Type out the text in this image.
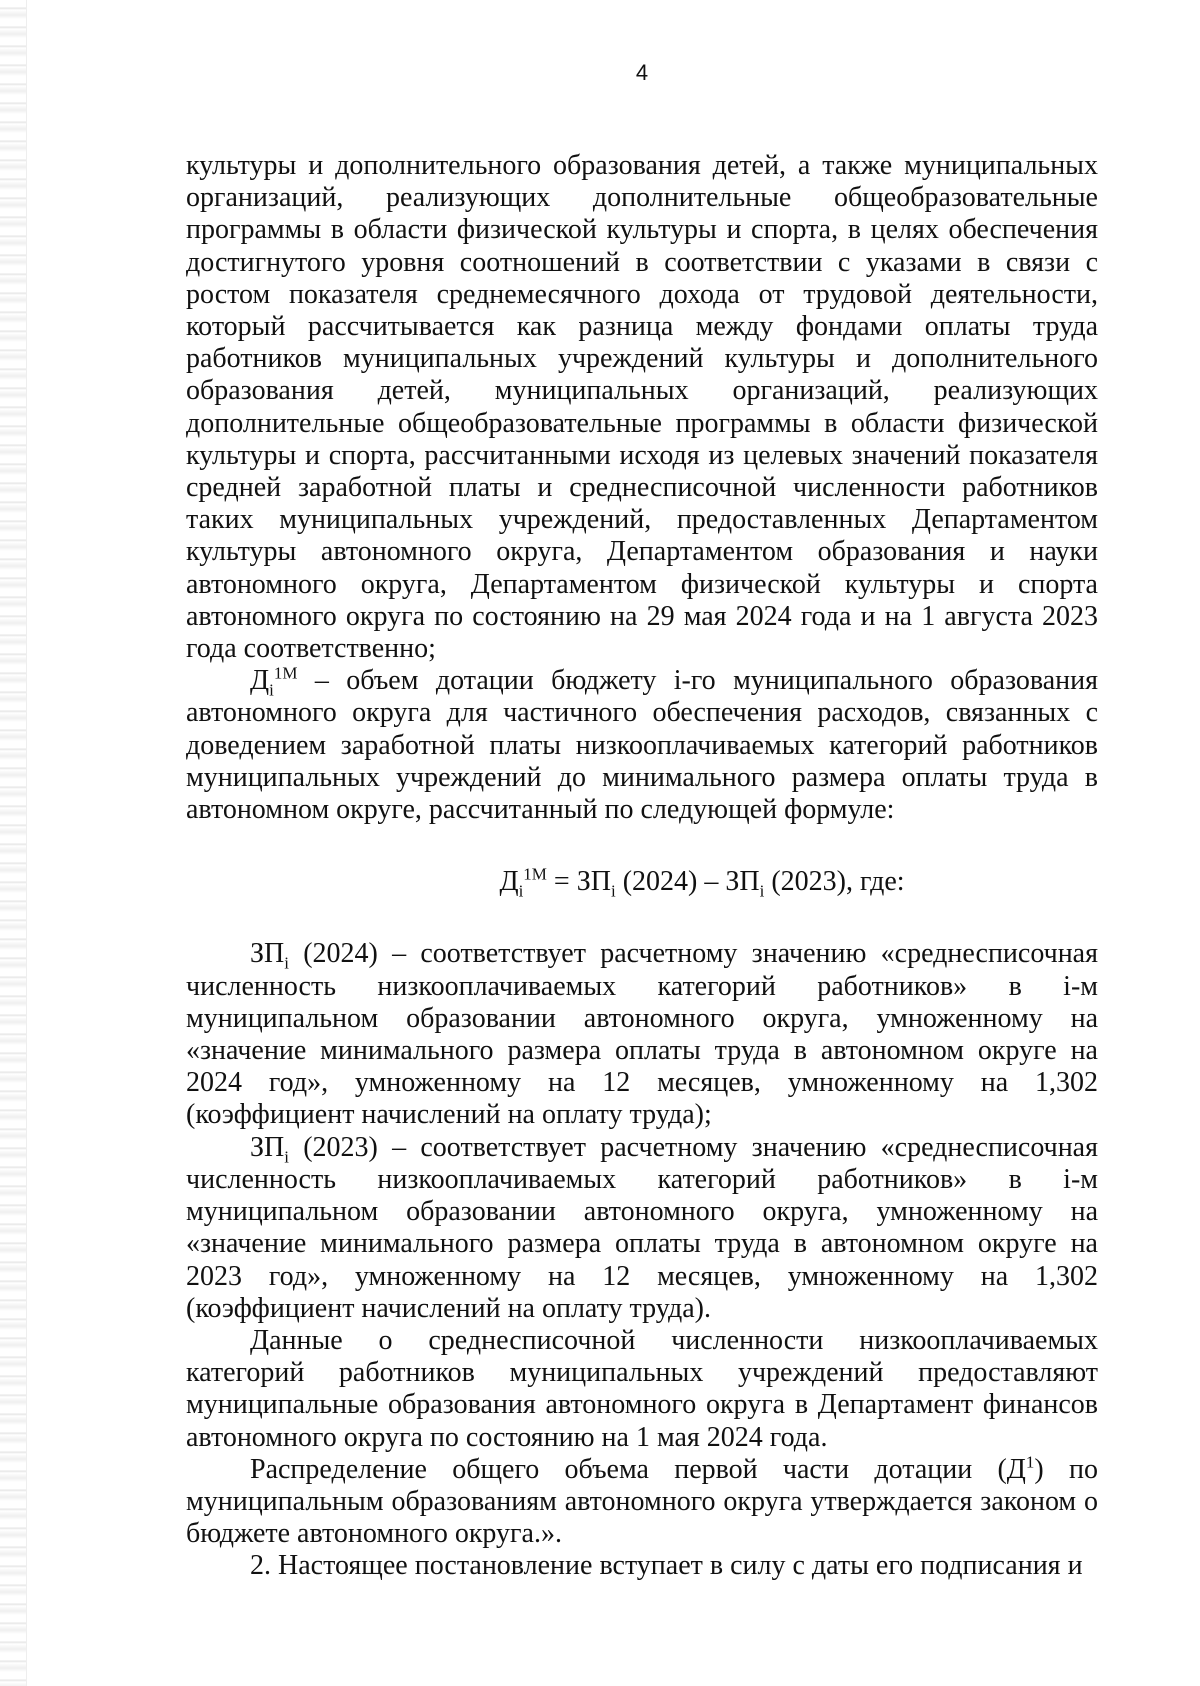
4

культуры и дополнительного образования детей, а также муниципальных организаций, реализующих дополнительные общеобразовательные программы в области физической культуры и спорта, в целях обеспечения достигнутого уровня соотношений в соответствии с указами в связи с ростом показателя среднемесячного дохода от трудовой деятельности, который рассчитывается как разница между фондами оплаты труда работников муниципальных учреждений культуры и дополнительного образования детей, муниципальных организаций, реализующих дополнительные общеобразовательные программы в области физической культуры и спорта, рассчитанными исходя из целевых значений показателя средней заработной платы и среднесписочной численности работников таких муниципальных учреждений, предоставленных Департаментом культуры автономного округа, Департаментом образования и науки автономного округа, Департаментом физической культуры и спорта автономного округа по состоянию на 29 мая 2024 года и на 1 августа 2023 года соответственно;

$Д_i^{1М}$ – объем дотации бюджету i-го муниципального образования автономного округа для частичного обеспечения расходов, связанных с доведением заработной платы низкооплачиваемых категорий работников муниципальных учреждений до минимального размера оплаты труда в автономном округе, рассчитанный по следующей формуле:

$Д_i^{1М} = ЗП_i$ $(2024) - ЗП_i$ (2023), где:

$ЗП_i$ (2024) – соответствует расчетному значению «среднесписочная численность низкооплачиваемых категорий работников» в i-м муниципальном образовании автономного округа, умноженному на «значение минимального размера оплаты труда в автономном округе на 2024 год», умноженному на 12 месяцев, умноженному на 1,302 (коэффициент начислений на оплату труда);

$ЗП_i$ (2023) – соответствует расчетному значению «среднесписочная численность низкооплачиваемых категорий работников» в i-м муниципальном образовании автономного округа, умноженному на «значение минимального размера оплаты труда в автономном округе на 2023 год», умноженному на 12 месяцев, умноженному на 1,302 (коэффициент начислений на оплату труда).

Данные о среднесписочной численности низкооплачиваемых категорий работников муниципальных учреждений предоставляют муниципальные образования автономного округа в Департамент финансов автономного округа по состоянию на 1 мая 2024 года.

Распределение общего объема первой части дотации $(Д^1)$ по муниципальным образованиям автономного округа утверждается законом о бюджете автономного округа.».

2. Настоящее постановление вступает в силу с даты его подписания и
